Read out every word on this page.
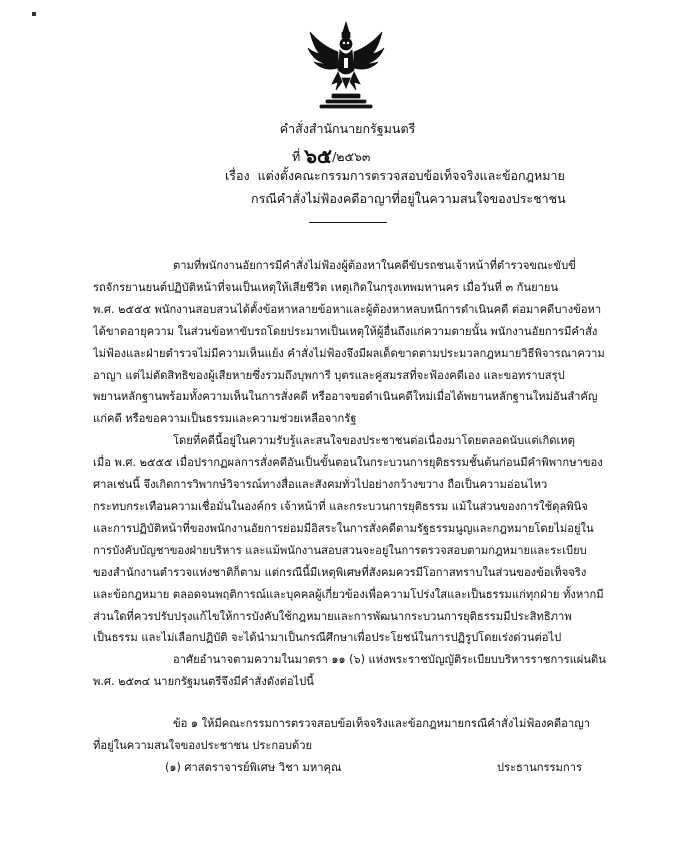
คำสั่งสำนักนายกรัฐมนตรี
ที่ ๖๕/๒๕๖๓
เรื่อง แต่งตั้งคณะกรรมการตรวจสอบข้อเท็จจริงและข้อกฎหมาย
กรณีคำสั่งไม่ฟ้องคดีอาญาที่อยู่ในความสนใจของประชาชน
ตามที่พนักงานอัยการมีคำสั่งไม่ฟ้องผู้ต้องหาในคดีขับรถชนเจ้าหน้าที่ตำรวจขณะขับขี่
รถจักรยานยนต์ปฏิบัติหน้าที่จนเป็นเหตุให้เสียชีวิต เหตุเกิดในกรุงเทพมหานคร เมื่อวันที่ ๓ กันยายน
พ.ศ. ๒๕๕๕ พนักงานสอบสวนได้ตั้งข้อหาหลายข้อหาและผู้ต้องหาหลบหนีการดำเนินคดี ต่อมาคดีบางข้อหา
ได้ขาดอายุความ ในส่วนข้อหาขับรถโดยประมาทเป็นเหตุให้ผู้อื่นถึงแก่ความตายนั้น พนักงานอัยการมีคำสั่ง
ไม่ฟ้องและฝ่ายตำรวจไม่มีความเห็นแย้ง คำสั่งไม่ฟ้องจึงมีผลเด็ดขาดตามประมวลกฎหมายวิธีพิจารณาความ
อาญา แต่ไม่ตัดสิทธิของผู้เสียหายซึ่งรวมถึงบุพการี บุตรและคู่สมรสที่จะฟ้องคดีเอง และขอทราบสรุป
พยานหลักฐานพร้อมทั้งความเห็นในการสั่งคดี หรืออาจขอดำเนินคดีใหม่เมื่อได้พยานหลักฐานใหม่อันสำคัญ
แก่คดี หรือขอความเป็นธรรมและความช่วยเหลือจากรัฐ
โดยที่คดีนี้อยู่ในความรับรู้และสนใจของประชาชนต่อเนื่องมาโดยตลอดนับแต่เกิดเหตุ
เมื่อ พ.ศ. ๒๕๕๕ เมื่อปรากฏผลการสั่งคดีอันเป็นขั้นตอนในกระบวนการยุติธรรมชั้นต้นก่อนมีคำพิพากษาของ
ศาลเช่นนี้ จึงเกิดการวิพากษ์วิจารณ์ทางสื่อและสังคมทั่วไปอย่างกว้างขวาง ถือเป็นความอ่อนไหว
กระทบกระเทือนความเชื่อมั่นในองค์กร เจ้าหน้าที่ และกระบวนการยุติธรรม แม้ในส่วนของการใช้ดุลพินิจ
และการปฏิบัติหน้าที่ของพนักงานอัยการย่อมมีอิสระในการสั่งคดีตามรัฐธรรมนูญและกฎหมายโดยไม่อยู่ใน
การบังคับบัญชาของฝ่ายบริหาร และแม้พนักงานสอบสวนจะอยู่ในการตรวจสอบตามกฎหมายและระเบียบ
ของสำนักงานตำรวจแห่งชาติก็ตาม แต่กรณีนี้มีเหตุพิเศษที่สังคมควรมีโอกาสทราบในส่วนของข้อเท็จจริง
และข้อกฎหมาย ตลอดจนพฤติการณ์และบุคคลผู้เกี่ยวข้องเพื่อความโปร่งใสและเป็นธรรมแก่ทุกฝ่าย ทั้งหากมี
ส่วนใดที่ควรปรับปรุงแก้ไขให้การบังคับใช้กฎหมายและการพัฒนากระบวนการยุติธรรมมีประสิทธิภาพ
เป็นธรรม และไม่เลือกปฏิบัติ จะได้นำมาเป็นกรณีศึกษาเพื่อประโยชน์ในการปฏิรูปโดยเร่งด่วนต่อไป
อาศัยอำนาจตามความในมาตรา ๑๑ (๖) แห่งพระราชบัญญัติระเบียบบริหารราชการแผ่นดิน
พ.ศ. ๒๕๓๔ นายกรัฐมนตรีจึงมีคำสั่งดังต่อไปนี้
ข้อ ๑ ให้มีคณะกรรมการตรวจสอบข้อเท็จจริงและข้อกฎหมายกรณีคำสั่งไม่ฟ้องคดีอาญา
ที่อยู่ในความสนใจของประชาชน ประกอบด้วย
(๑) ศาสตราจารย์พิเศษ วิชา มหาคุณ	ประธานกรรมการ
